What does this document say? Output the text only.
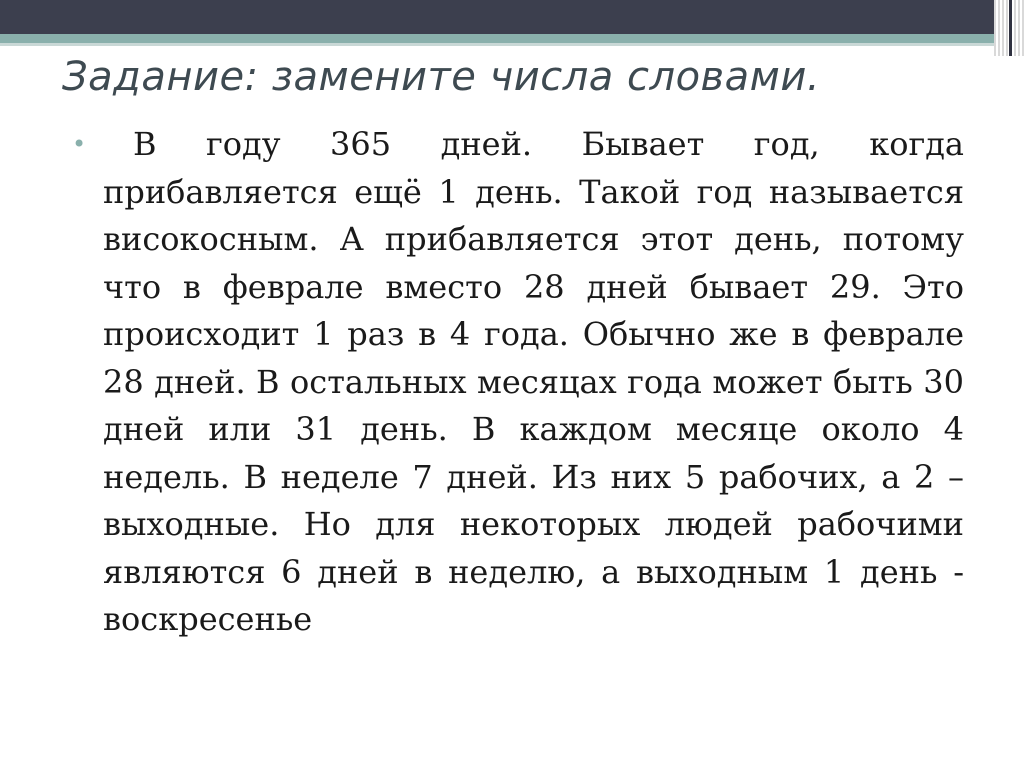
Задание: замените числа словами.
•	В году 365 дней. Бывает год, когда прибавляется ещё 1 день. Такой год называется високосным. А прибавляется этот день, потому что в феврале вместо 28 дней бывает 29. Это происходит 1 раз в 4 года. Обычно же в феврале 28 дней. В остальных месяцах года может быть 30 дней или 31 день. В каждом месяце около 4 недель. В неделе 7 дней. Из них 5 рабочих, а 2 – выходные. Но для некоторых людей рабочими являются 6 дней в неделю, а выходным 1 день - воскресенье
